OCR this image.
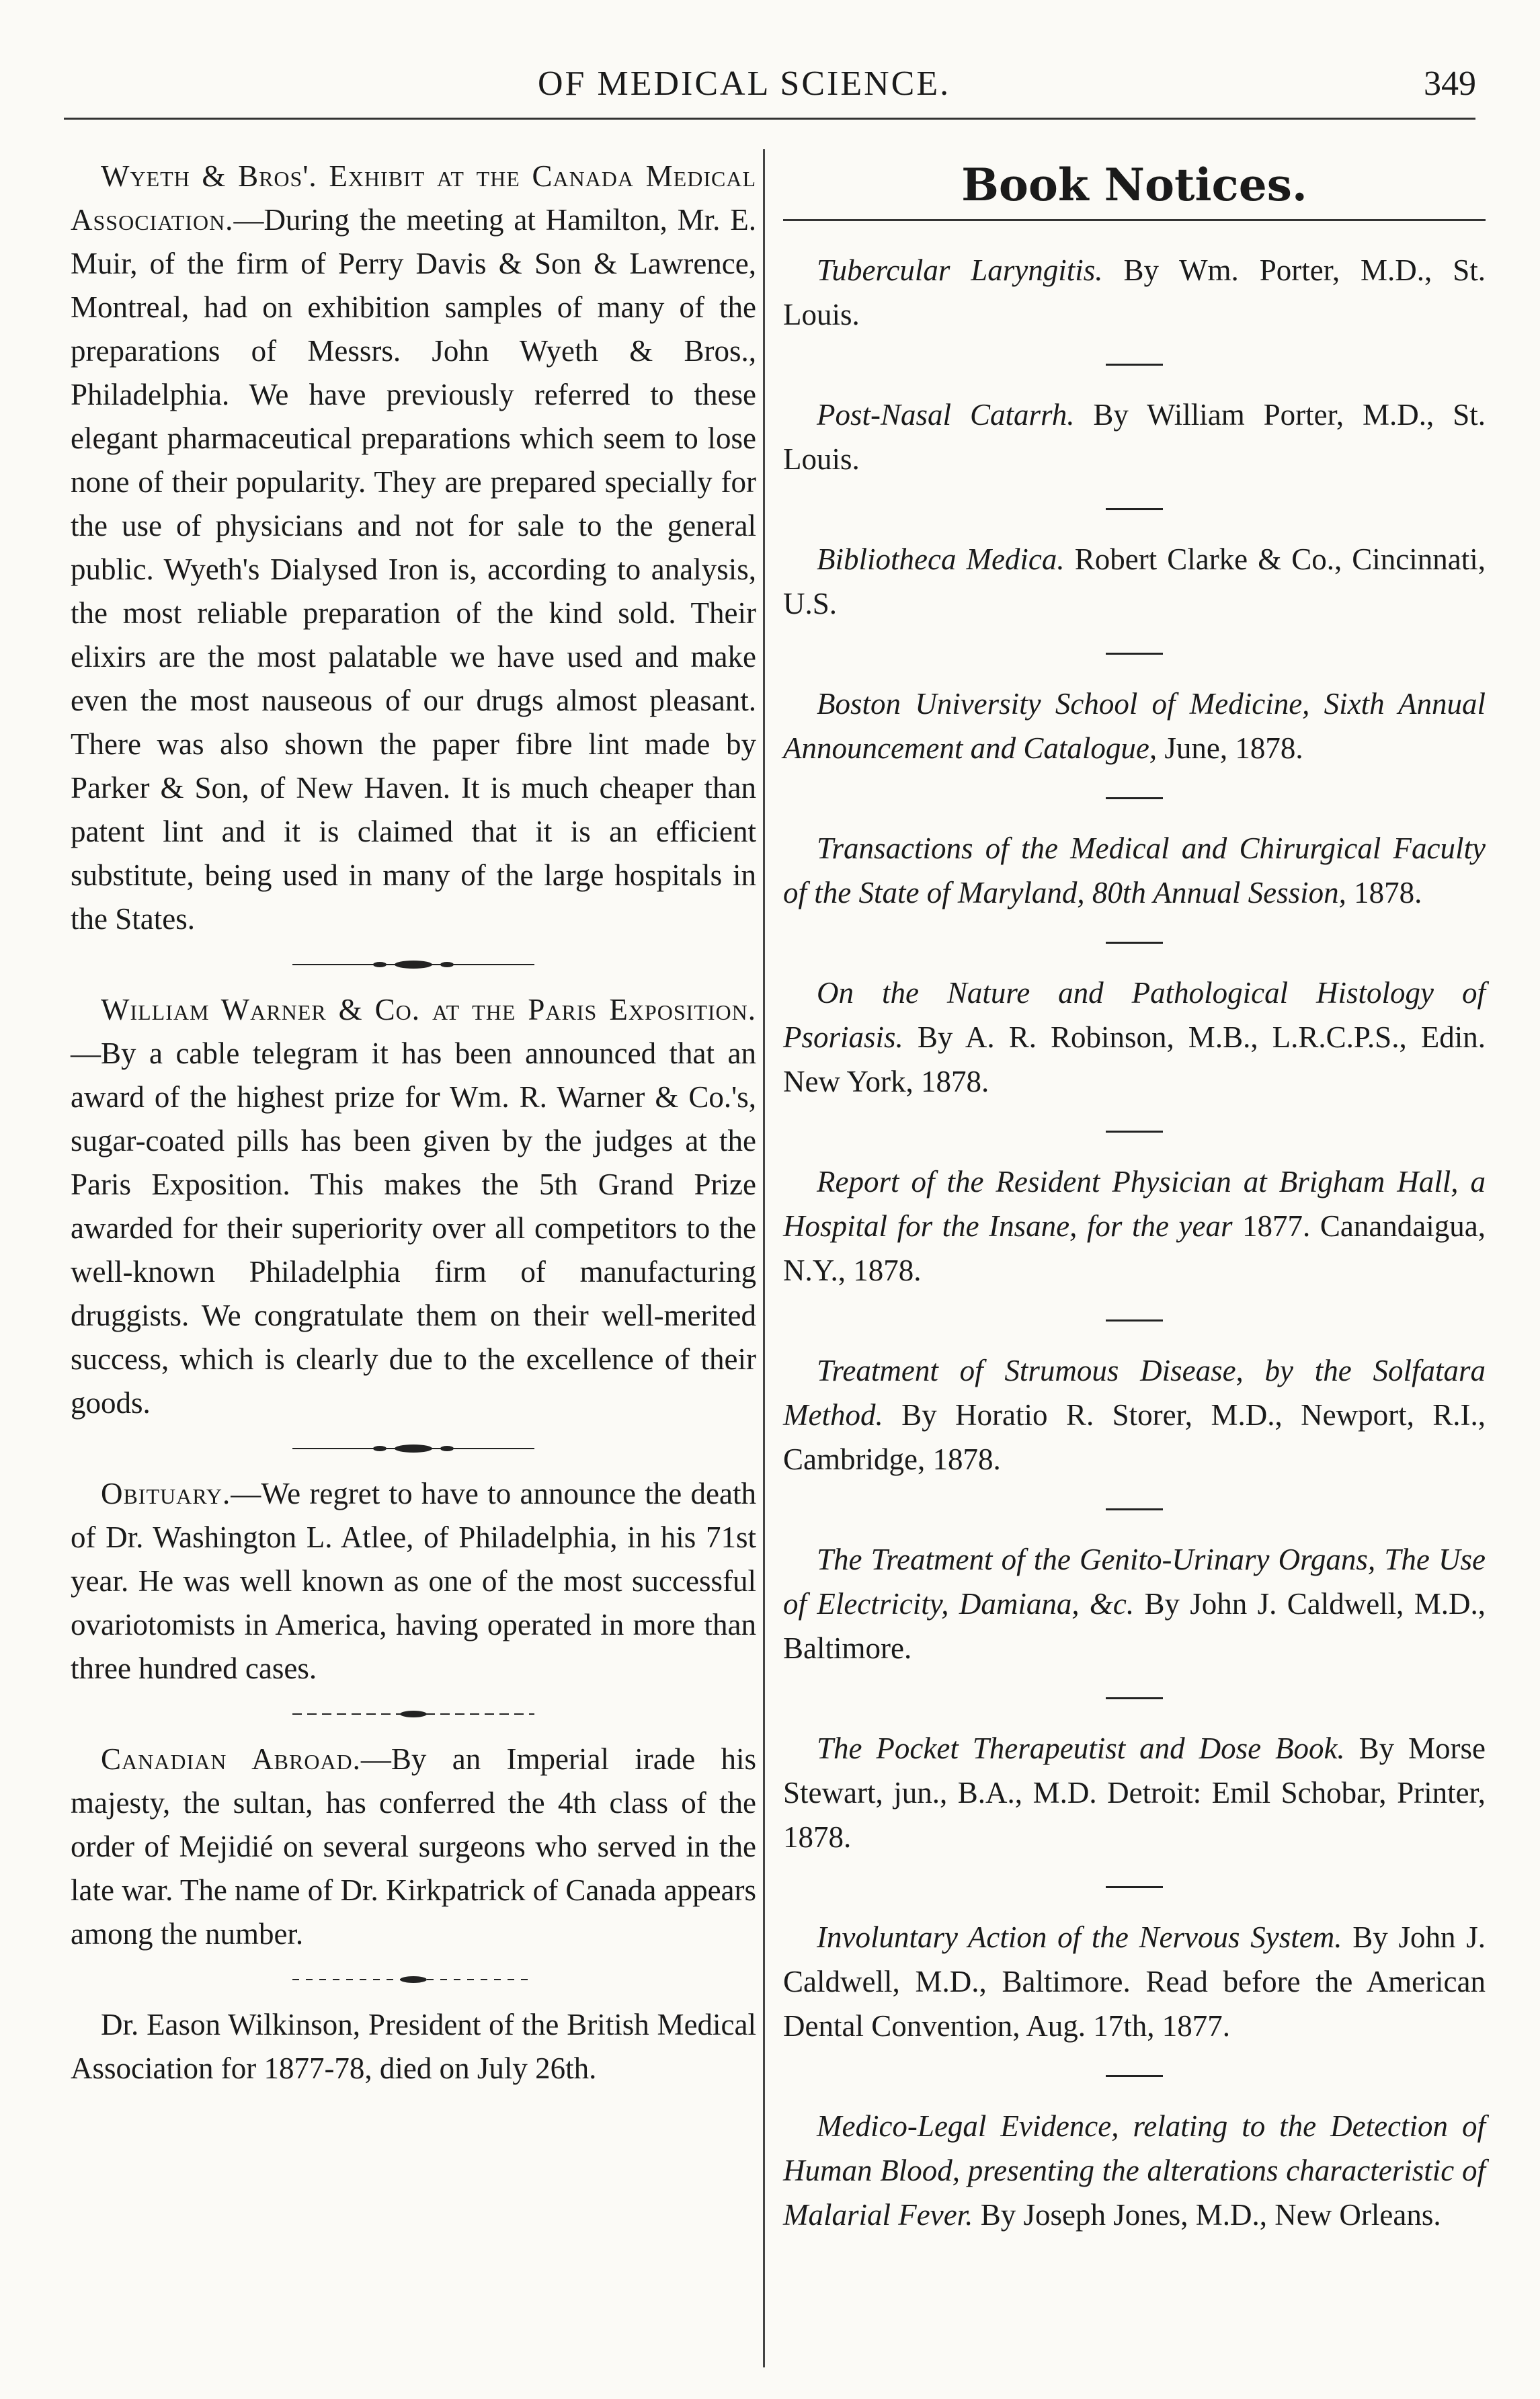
OF MEDICAL SCIENCE.	349

Wyeth & Bros'. Exhibit at the Canada Medical Association.—During the meeting at Hamilton, Mr. E. Muir, of the firm of Perry Davis & Son & Lawrence, Montreal, had on exhibition samples of many of the preparations of Messrs. John Wyeth & Bros., Philadelphia. We have previously referred to these elegant pharmaceutical preparations which seem to lose none of their popularity. They are prepared specially for the use of physicians and not for sale to the general public. Wyeth's Dialysed Iron is, according to analysis, the most reliable preparation of the kind sold. Their elixirs are the most palatable we have used and make even the most nauseous of our drugs almost pleasant. There was also shown the paper fibre lint made by Parker & Son, of New Haven. It is much cheaper than patent lint and it is claimed that it is an efficient substitute, being used in many of the large hospitals in the States.

William Warner & Co. at the Paris Exposition.—By a cable telegram it has been announced that an award of the highest prize for Wm. R. Warner & Co.'s, sugar-coated pills has been given by the judges at the Paris Exposition. This makes the 5th Grand Prize awarded for their superiority over all competitors to the well-known Philadelphia firm of manufacturing druggists. We congratulate them on their well-merited success, which is clearly due to the excellence of their goods.

Obituary.—We regret to have to announce the death of Dr. Washington L. Atlee, of Philadelphia, in his 71st year. He was well known as one of the most successful ovariotomists in America, having operated in more than three hundred cases.

Canadian Abroad.—By an Imperial irade his majesty, the sultan, has conferred the 4th class of the order of Mejidié on several surgeons who served in the late war. The name of Dr. Kirkpatrick of Canada appears among the number.

Dr. Eason Wilkinson, President of the British Medical Association for 1877-78, died on July 26th.

Book Notices.

Tubercular Laryngitis. By Wm. Porter, M.D., St. Louis.

Post-Nasal Catarrh. By William Porter, M.D., St. Louis.

Bibliotheca Medica. Robert Clarke & Co., Cincinnati, U.S.

Boston University School of Medicine, Sixth Annual Announcement and Catalogue, June, 1878.

Transactions of the Medical and Chirurgical Faculty of the State of Maryland, 80th Annual Session, 1878.

On the Nature and Pathological Histology of Psoriasis. By A. R. Robinson, M.B., L.R.C.P.S., Edin. New York, 1878.

Report of the Resident Physician at Brigham Hall, a Hospital for the Insane, for the year 1877. Canandaigua, N.Y., 1878.

Treatment of Strumous Disease, by the Solfatara Method. By Horatio R. Storer, M.D., Newport, R.I., Cambridge, 1878.

The Treatment of the Genito-Urinary Organs, The Use of Electricity, Damiana, &c. By John J. Caldwell, M.D., Baltimore.

The Pocket Therapeutist and Dose Book. By Morse Stewart, jun., B.A., M.D. Detroit: Emil Schobar, Printer, 1878.

Involuntary Action of the Nervous System. By John J. Caldwell, M.D., Baltimore. Read before the American Dental Convention, Aug. 17th, 1877.

Medico-Legal Evidence, relating to the Detection of Human Blood, presenting the alterations characteristic of Malarial Fever. By Joseph Jones, M.D., New Orleans.
